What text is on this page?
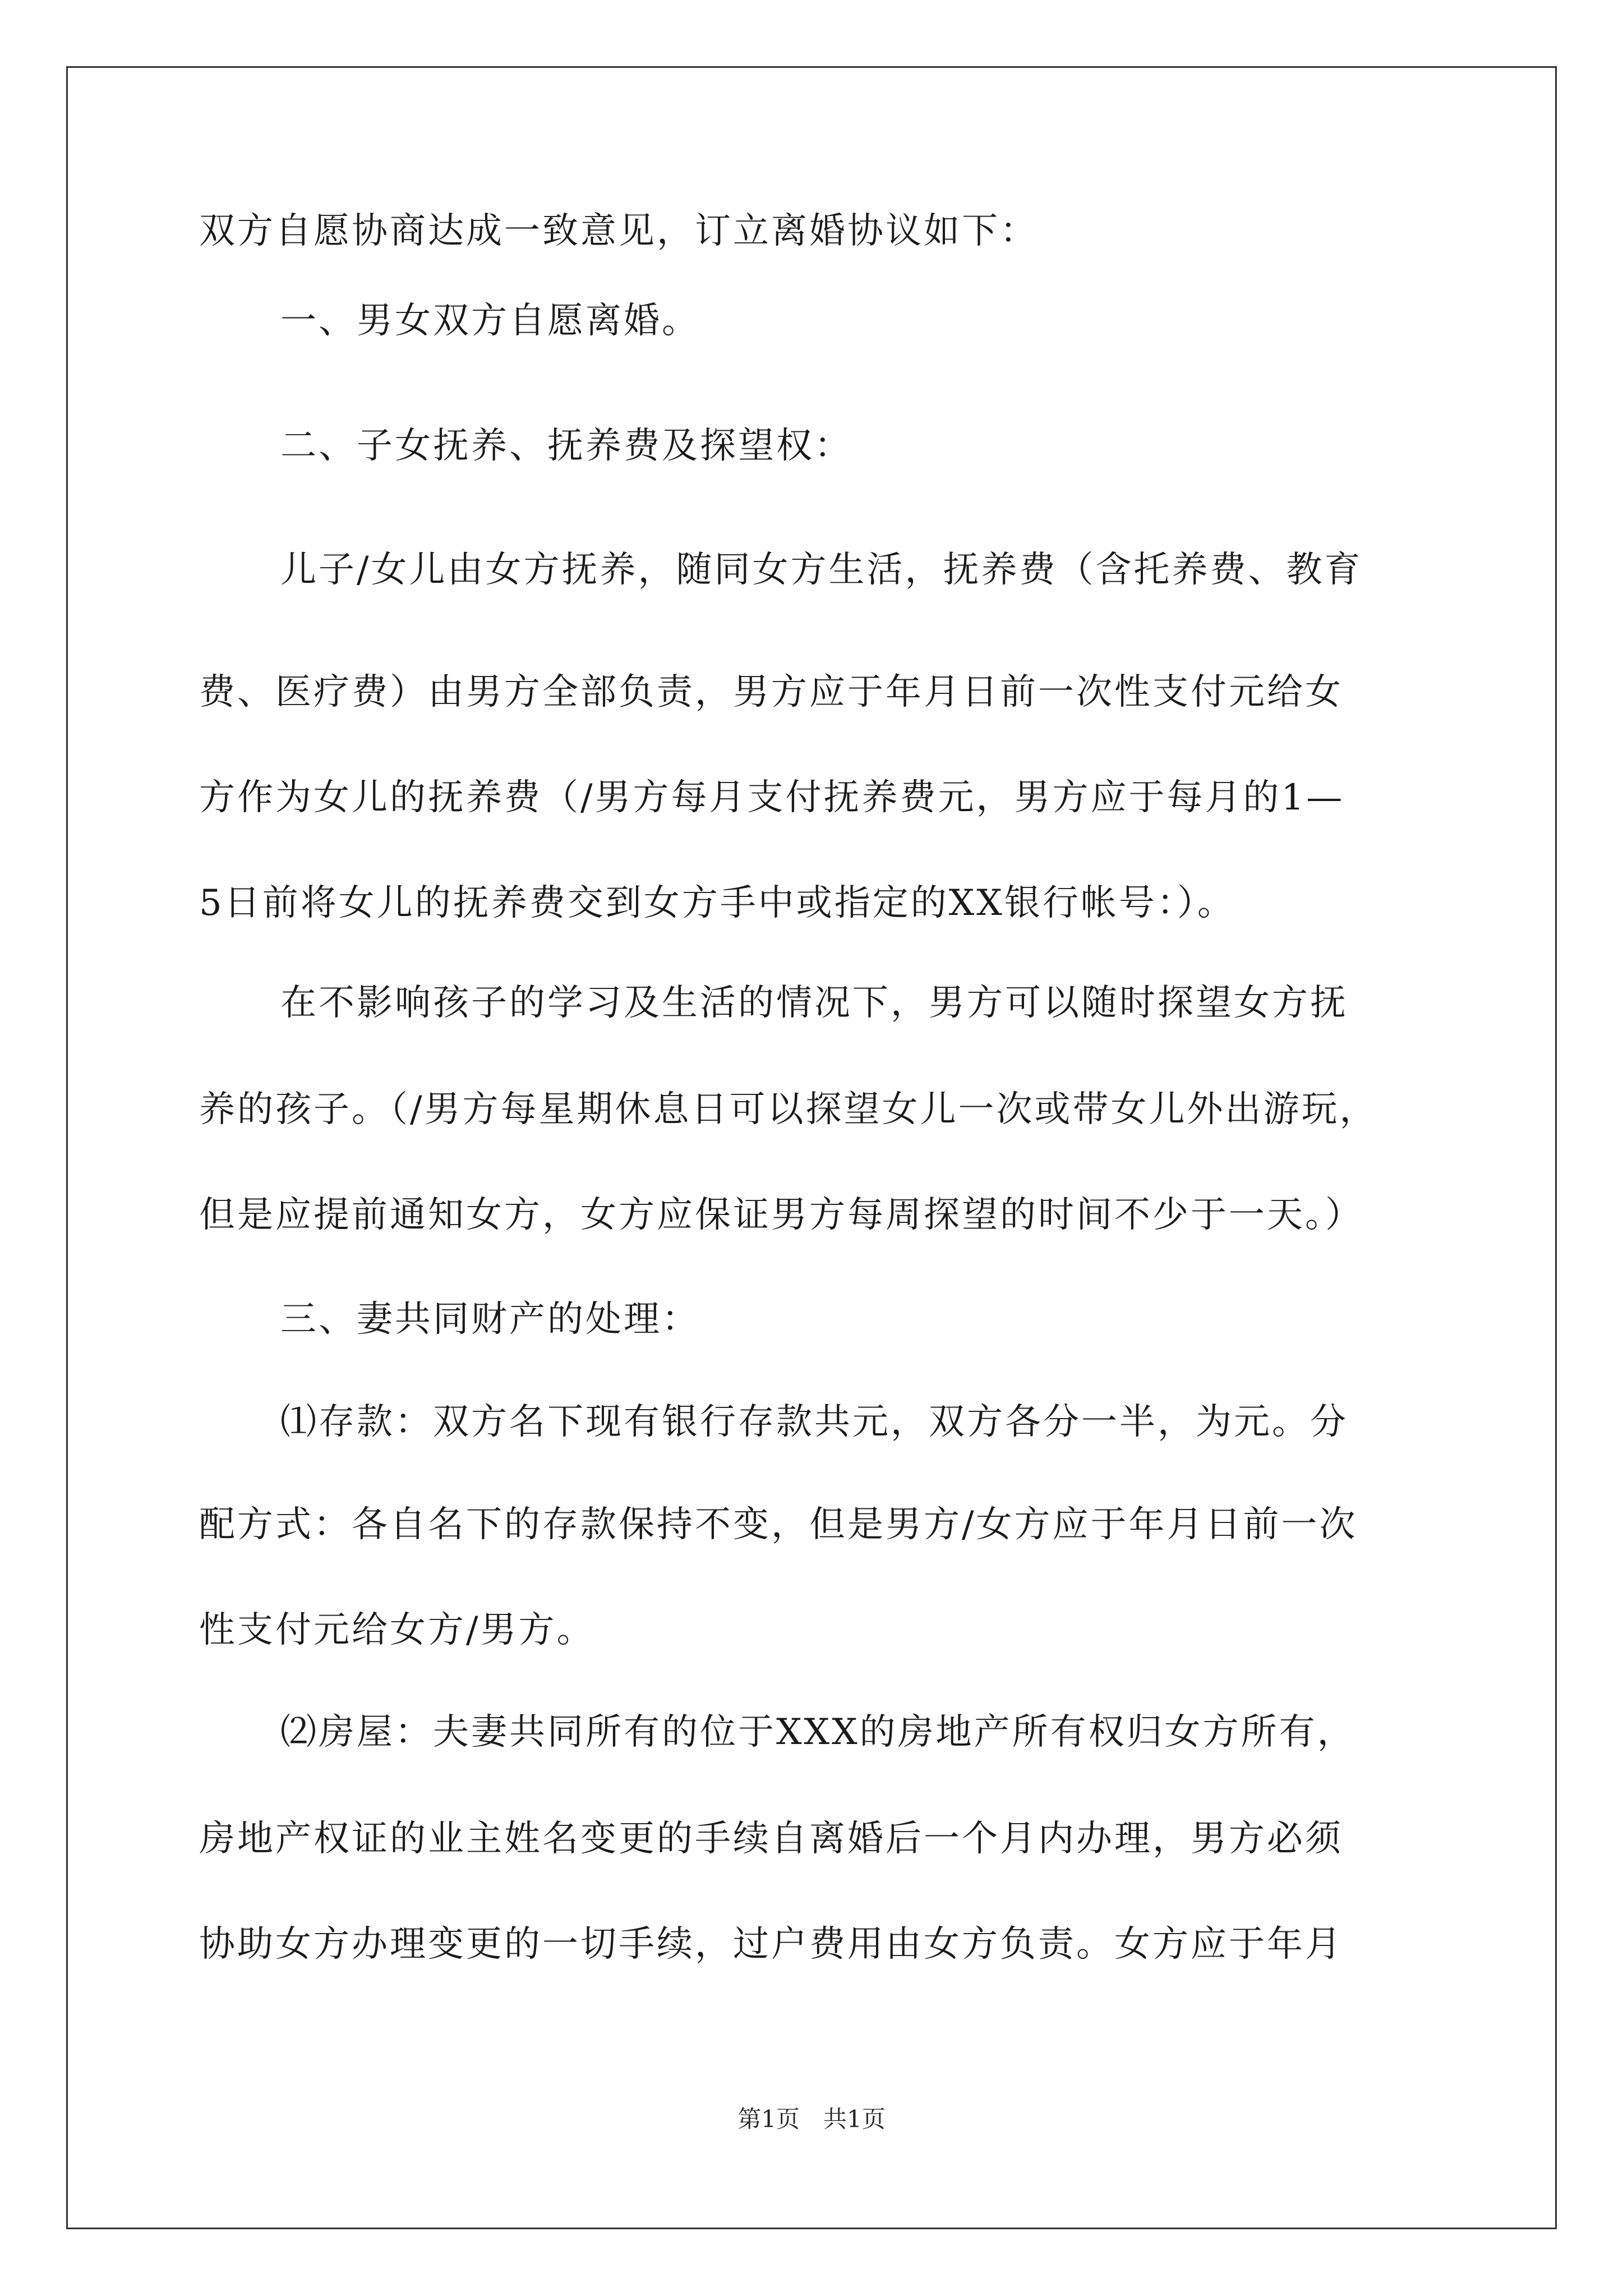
双方自愿协商达成一致意见，订立离婚协议如下：
一、男女双方自愿离婚。
二、子女抚养、抚养费及探望权：
儿子/女儿由女方抚养，随同女方生活，抚养费（含托养费、教育
费、医疗费）由男方全部负责，男方应于年月日前一次性支付元给女
方作为女儿的抚养费（/男方每月支付抚养费元，男方应于每月的1—
5日前将女儿的抚养费交到女方手中或指定的XX银行帐号：）。
在不影响孩子的学习及生活的情况下，男方可以随时探望女方抚
养的孩子。（/男方每星期休息日可以探望女儿一次或带女儿外出游玩，
但是应提前通知女方，女方应保证男方每周探望的时间不少于一天。）
三、妻共同财产的处理：
⑴存款：双方名下现有银行存款共元，双方各分一半，为元。分
配方式：各自名下的存款保持不变，但是男方/女方应于年月日前一次
性支付元给女方/男方。
⑵房屋：夫妻共同所有的位于XXX的房地产所有权归女方所有，
房地产权证的业主姓名变更的手续自离婚后一个月内办理，男方必须
协助女方办理变更的一切手续，过户费用由女方负责。女方应于年月
第1页　共1页
